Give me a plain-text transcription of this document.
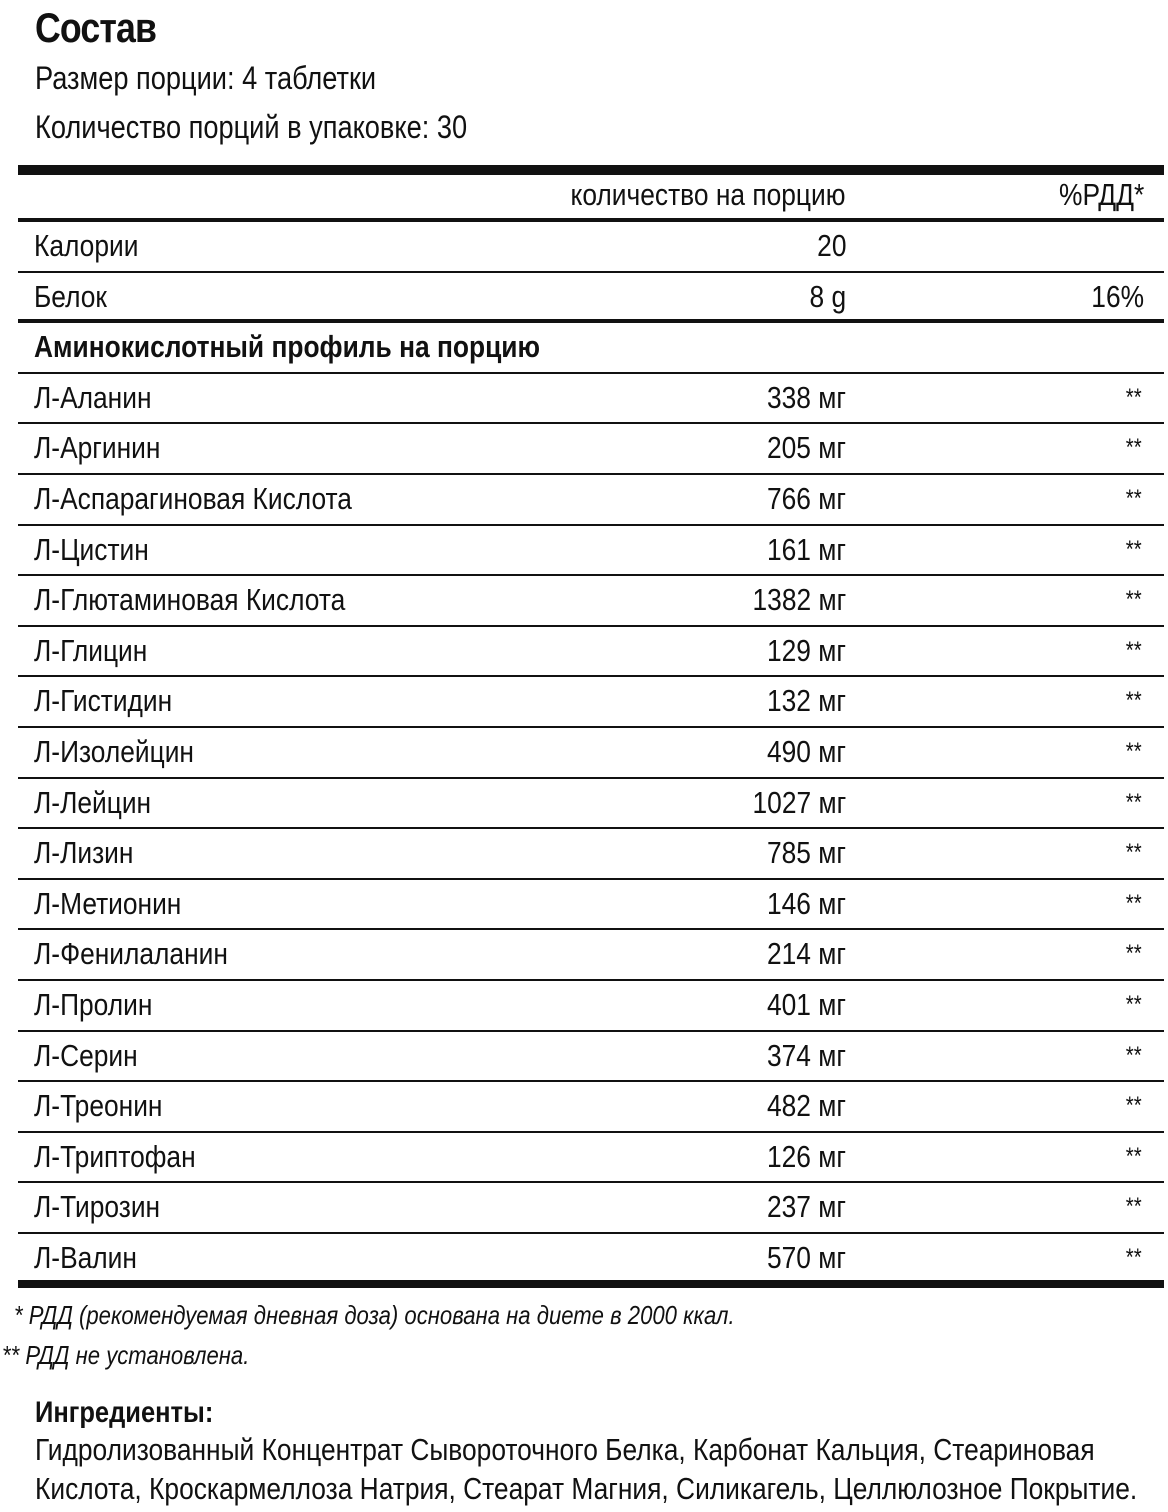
Состав
Размер порции: 4 таблетки
Количество порций в упаковке: 30
количество на порцию	%РДД*
Калории	20
Белок	8 g	16%
Аминокислотный профиль на порцию
Л-Аланин	338 мг	**
Л-Аргинин	205 мг	**
Л-Аспарагиновая Кислота	766 мг	**
Л-Цистин	161 мг	**
Л-Глютаминовая Кислота	1382 мг	**
Л-Глицин	129 мг	**
Л-Гистидин	132 мг	**
Л-Изолейцин	490 мг	**
Л-Лейцин	1027 мг	**
Л-Лизин	785 мг	**
Л-Метионин	146 мг	**
Л-Фенилаланин	214 мг	**
Л-Пролин	401 мг	**
Л-Серин	374 мг	**
Л-Треонин	482 мг	**
Л-Триптофан	126 мг	**
Л-Тирозин	237 мг	**
Л-Валин	570 мг	**
* РДД (рекомендуемая дневная доза) основана на диете в 2000 ккал.
** РДД не установлена.
Ингредиенты:
Гидролизованный Концентрат Сывороточного Белка, Карбонат Кальция, Стеариновая
Кислота, Кроскармеллоза Натрия, Стеарат Магния, Силикагель, Целлюлозное Покрытие.
